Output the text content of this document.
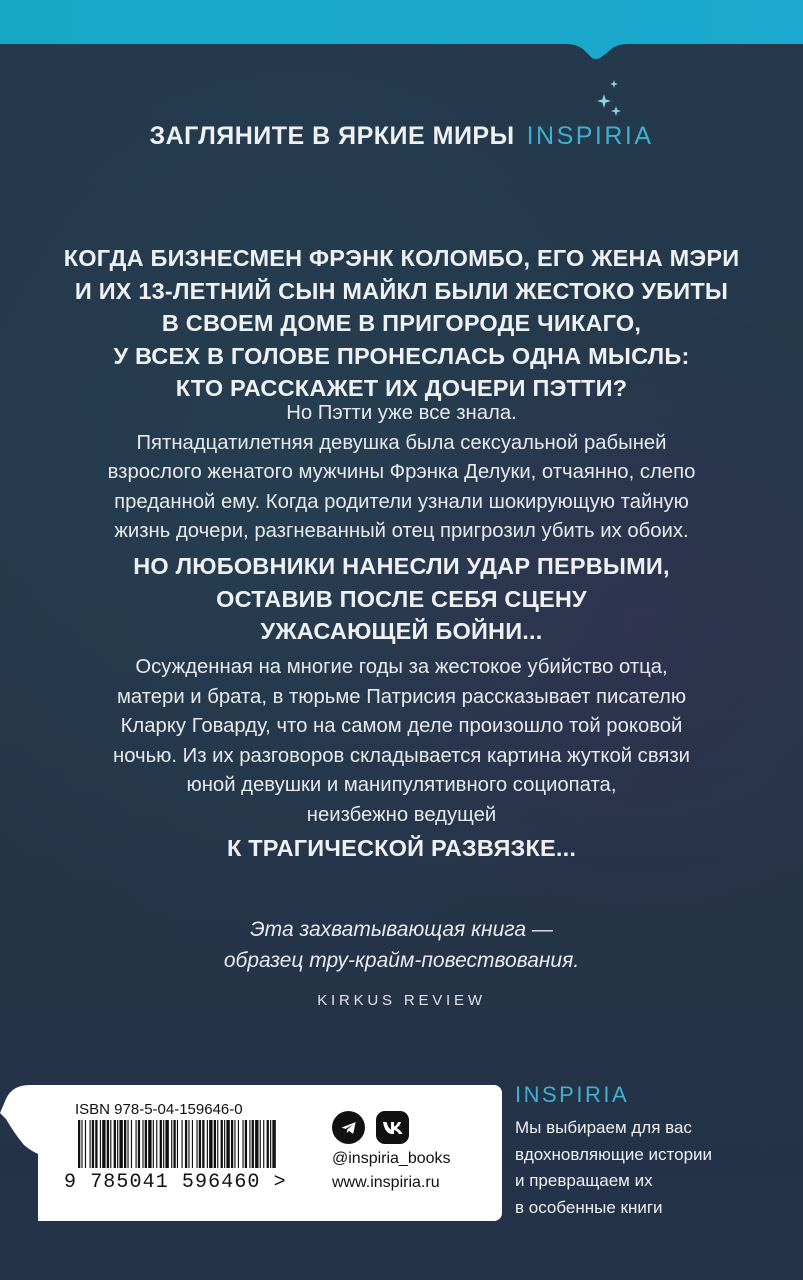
ЗАГЛЯНИТЕ В ЯРКИЕ МИРЫ INSPIRIA
КОГДА БИЗНЕСМЕН ФРЭНК КОЛОМБО, ЕГО ЖЕНА МЭРИ
И ИХ 13-ЛЕТНИЙ СЫН МАЙКЛ БЫЛИ ЖЕСТОКО УБИТЫ
В СВОЕМ ДОМЕ В ПРИГОРОДЕ ЧИКАГО,
У ВСЕХ В ГОЛОВЕ ПРОНЕСЛАСЬ ОДНА МЫСЛЬ:
КТО РАССКАЖЕТ ИХ ДОЧЕРИ ПЭТТИ?
Но Пэтти уже все знала.
Пятнадцатилетняя девушка была сексуальной рабыней
взрослого женатого мужчины Фрэнка Делуки, отчаянно, слепо
преданной ему. Когда родители узнали шокирующую тайную
жизнь дочери, разгневанный отец пригрозил убить их обоих.
НО ЛЮБОВНИКИ НАНЕСЛИ УДАР ПЕРВЫМИ,
ОСТАВИВ ПОСЛЕ СЕБЯ СЦЕНУ
УЖАСАЮЩЕЙ БОЙНИ...
Осужденная на многие годы за жестокое убийство отца,
матери и брата, в тюрьме Патрисия рассказывает писателю
Кларку Говарду, что на самом деле произошло той роковой
ночью. Из их разговоров складывается картина жуткой связи
юной девушки и манипулятивного социопата,
неизбежно ведущей
К ТРАГИЧЕСКОЙ РАЗВЯЗКЕ...
Эта захватывающая книга —
образец тру-крайм-повествования.
KIRKUS REVIEW
ISBN 978-5-04-159646-0
9 785041 596460 >
@inspiria_books
www.inspiria.ru
INSPIRIA
Мы выбираем для вас
вдохновляющие истории
и превращаем их
в особенные книги
